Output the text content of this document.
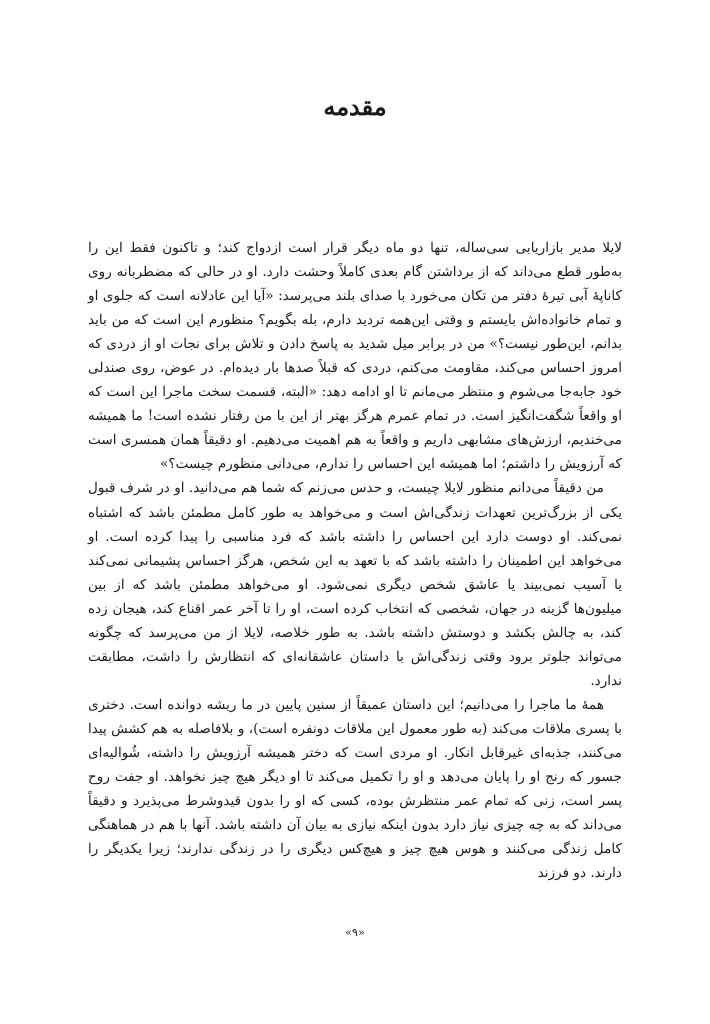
مقدمه

لایلا مدیر بازاریابی سی‌ساله، تنها دو ماه دیگر قرار است ازدواج کند؛ و تاکنون فقط این را به‌طور قطع می‌داند که از برداشتن گام بعدی کاملاً وحشت دارد. او در حالی که مضطربانه روی کاناپهٔ آبی تیرهٔ دفتر من تکان می‌خورد با صدای بلند می‌پرسد: «آیا این عادلانه است که جلوی او و تمام خانواده‌اش بایستم و وقتی این‌همه تردید دارم، بله بگویم؟ منظورم این است که من باید بدانم، این‌طور نیست؟» من در برابر میل شدید به پاسخ دادن و تلاش برای نجات او از دردی که امروز احساس می‌کند، مقاومت می‌کنم، دردی که قبلاً صدها بار دیده‌ام. در عوض، روی صندلی خود جابه‌جا می‌شوم و منتظر می‌مانم تا او ادامه دهد: «البته، قسمت سخت ماجرا این است که او واقعاً شگفت‌انگیز است. در تمام عمرم هرگز بهتر از این با من رفتار نشده است! ما همیشه می‌خندیم، ارزش‌های مشابهی داریم و واقعاً به هم اهمیت می‌دهیم. او دقیقاً همان همسری است که آرزویش را داشتم؛ اما همیشه این احساس را ندارم، می‌دانی منظورم چیست؟»

من دقیقاً می‌دانم منظور لایلا چیست، و حدس می‌زنم که شما هم می‌دانید. او در شرف قبول یکی از بزرگ‌ترین تعهدات زندگی‌اش است و می‌خواهد به طور کامل مطمئن باشد که اشتباه نمی‌کند. او دوست دارد این احساس را داشته باشد که فرد مناسبی را پیدا کرده است. او می‌خواهد این اطمینان را داشته باشد که با تعهد به این شخص، هرگز احساس پشیمانی نمی‌کند یا آسیب نمی‌بیند یا عاشق شخص دیگری نمی‌شود. او می‌خواهد مطمئن باشد که از بین میلیون‌ها گزینه در جهان، شخصی که انتخاب کرده است، او را تا آخر عمر اقناع کند، هیجان زده کند، به چالش بکشد و دوستش داشته باشد. به طور خلاصه، لایلا از من می‌پرسد که چگونه می‌تواند جلوتر برود وقتی زندگی‌اش با داستان عاشقانه‌ای که انتظارش را داشت، مطابقت ندارد.

همهٔ ما ماجرا را می‌دانیم؛ این داستان عمیقاً از سنین پایین در ما ریشه دوانده است. دختری با پسری ملاقات می‌کند (به طور معمول این ملاقات دونفره است)، و بلافاصله به هم کشش پیدا می‌کنند، جذبه‌ای غیرقابل انکار. او مردی است که دختر همیشه آرزویش را داشته، شُوالیه‌ای جسور که رنج او را پایان می‌دهد و او را تکمیل می‌کند تا او دیگر هیچ چیز نخواهد. او جفت روح پسر است، زنی که تمام عمر منتظرش بوده، کسی که او را بدون قیدوشرط می‌پذیرد و دقیقاً می‌داند که به چه چیزی نیاز دارد بدون اینکه نیازی به بیان آن داشته باشد. آنها با هم در هماهنگی کامل زندگی می‌کنند و هوس هیچ چیز و هیچ‌کس دیگری را در زندگی ندارند؛ زیرا یکدیگر را دارند. دو فرزند

«۹»
